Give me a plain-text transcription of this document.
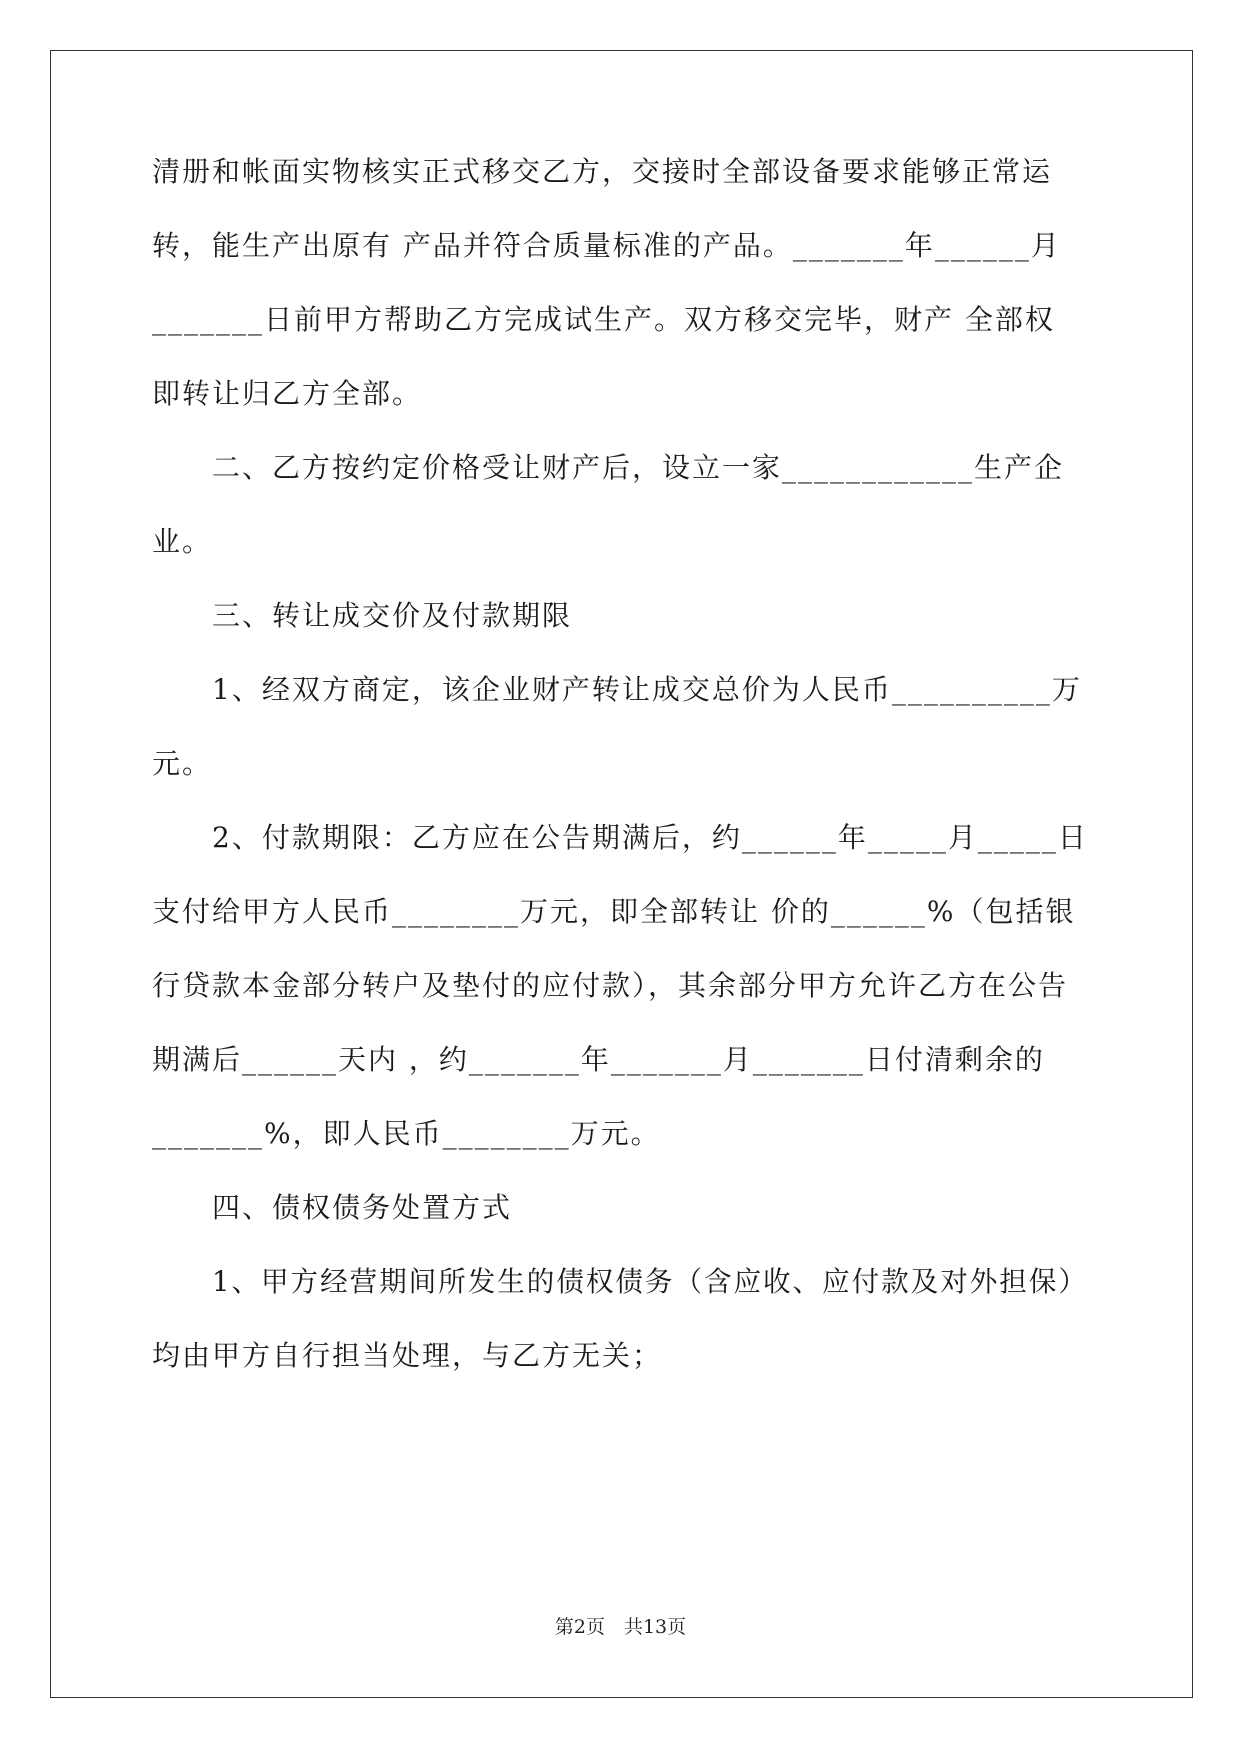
清册和帐面实物核实正式移交乙方，交接时全部设备要求能够正常运
转，能生产出原有 产品并符合质量标准的产品。_______年______月
_______日前甲方帮助乙方完成试生产。双方移交完毕，财产 全部权
即转让归乙方全部。
二、乙方按约定价格受让财产后，设立一家____________生产企
业。
三、转让成交价及付款期限
1、经双方商定，该企业财产转让成交总价为人民币__________万
元。
2、付款期限：乙方应在公告期满后，约______年_____月_____日
支付给甲方人民币________万元，即全部转让 价的______%（包括银
行贷款本金部分转户及垫付的应付款），其余部分甲方允许乙方在公告
期满后______天内 ，约_______年_______月_______日付清剩余的
_______%，即人民币________万元。
四、债权债务处置方式
1、甲方经营期间所发生的债权债务（含应收、应付款及对外担保）
均由甲方自行担当处理，与乙方无关；
第2页　共13页
